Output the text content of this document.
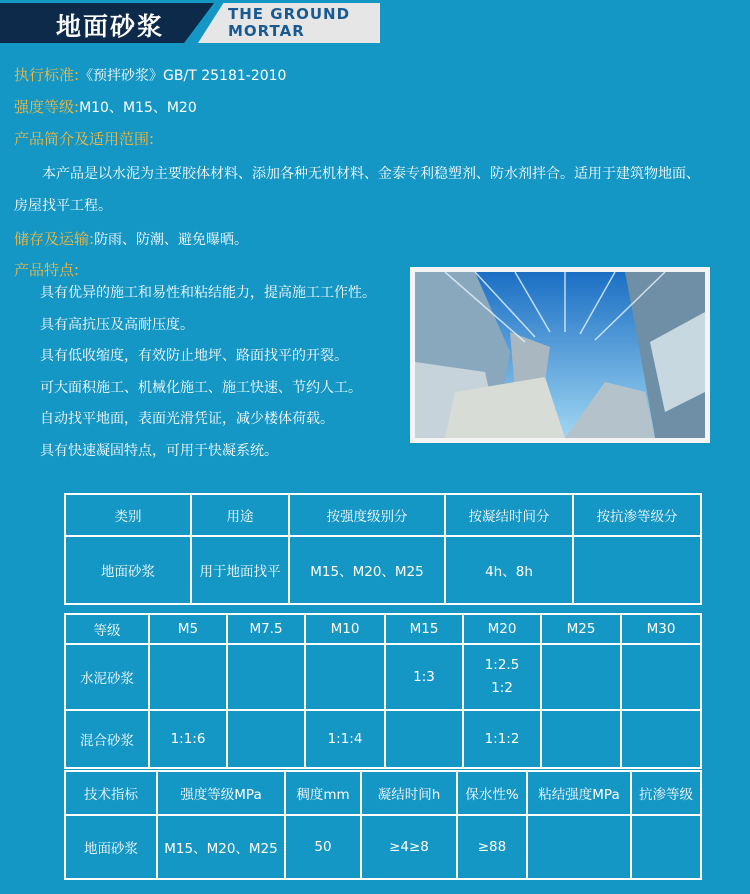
地面砂浆	THE GROUND
MORTAR
执行标准:《预拌砂浆》GB/T 25181-2010
强度等级:M10、M15、M20
产品简介及适用范围:
本产品是以水泥为主要胶体材料、添加各种无机材料、金泰专利稳塑剂、防水剂拌合。适用于建筑物地面、房屋找平工程。
储存及运输:防雨、防潮、避免曝晒。
产品特点:
具有优异的施工和易性和粘结能力，提高施工工作性。
具有高抗压及高耐压度。
具有低收缩度，有效防止地坪、路面找平的开裂。
可大面积施工、机械化施工、施工快速、节约人工。
自动找平地面，表面光滑凭证，减少楼体荷载。
具有快速凝固特点，可用于快凝系统。
类别	用途	按强度级别分	按凝结时间分	按抗渗等级分
地面砂浆	用于地面找平	M15、M20、M25	4h、8h	
等级	M5	M7.5	M10	M15	M20	M25	M30
水泥砂浆				1:3	1:2.5
1:2		

混合砂浆	1:1:6		1:1:4		1:1:2		
技术指标	强度等级MPa	稠度mm	凝结时间h	保水性%	粘结强度MPa	抗渗等级
地面砂浆	M15、M20、M25	50	≥4≥8	≥88		
